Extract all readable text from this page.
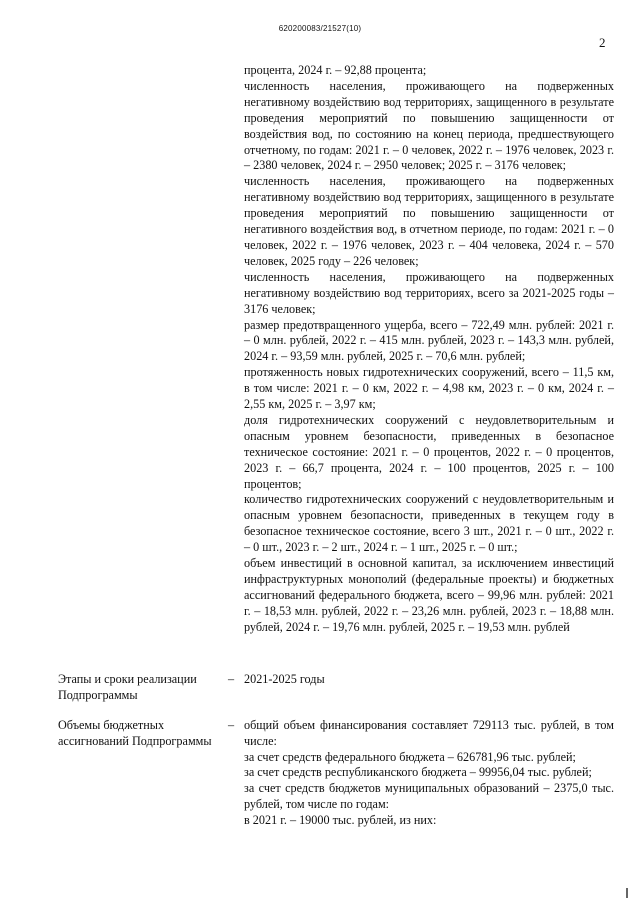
620200083/21527(10)
2

процента, 2024 г. – 92,88 процента;

численность населения, проживающего на подверженных негативному воздействию вод территориях, защищенного в результате проведения мероприятий по повышению защищенности от воздействия вод, по состоянию на конец периода, предшествующего отчетному, по годам: 2021 г. – 0 человек, 2022 г. – 1976 человек, 2023 г. – 2380 человек, 2024 г. – 2950 человек; 2025 г. – 3176 человек;

численность населения, проживающего на подверженных негативному воздействию вод территориях, защищенного в результате проведения мероприятий по повышению защищенности от негативного воздействия вод, в отчетном периоде, по годам: 2021 г. – 0 человек, 2022 г. – 1976 человек, 2023 г. – 404 человека, 2024 г. – 570 человек, 2025 году – 226 человек;

численность населения, проживающего на подверженных негативному воздействию вод территориях, всего за 2021-2025 годы – 3176 человек;

размер предотвращенного ущерба, всего – 722,49 млн. рублей: 2021 г. – 0 млн. рублей, 2022 г. – 415 млн. рублей, 2023 г. – 143,3 млн. рублей, 2024 г. – 93,59 млн. рублей, 2025 г. – 70,6 млн. рублей;

протяженность новых гидротехнических сооружений, всего – 11,5 км, в том числе: 2021 г. – 0 км, 2022 г. – 4,98 км, 2023 г. – 0 км, 2024 г. – 2,55 км, 2025 г. – 3,97 км;

доля гидротехнических сооружений с неудовлетворительным и опасным уровнем безопасности, приведенных в безопасное техническое состояние: 2021 г. – 0 процентов, 2022 г. – 0 процентов, 2023 г. – 66,7 процента, 2024 г. – 100 процентов, 2025 г. – 100 процентов;

количество гидротехнических сооружений с неудовлетворительным и опасным уровнем безопасности, приведенных в текущем году в безопасное техническое состояние, всего 3 шт., 2021 г. – 0 шт., 2022 г. – 0 шт., 2023 г. – 2 шт., 2024 г. – 1 шт., 2025 г. – 0 шт.;

объем инвестиций в основной капитал, за исключением инвестиций инфраструктурных монополий (федеральные проекты) и бюджетных ассигнований федерального бюджета, всего – 99,96 млн. рублей: 2021 г. – 18,53 млн. рублей, 2022 г. – 23,26 млн. рублей, 2023 г. – 18,88 млн. рублей, 2024 г. – 19,76 млн. рублей, 2025 г. – 19,53 млн. рублей

Этапы и сроки реализации Подпрограммы
– 2021-2025 годы
Объемы бюджетных ассигнований Подпрограммы
– общий объем финансирования составляет 729113 тыс. рублей, в том числе:

за счет средств федерального бюджета – 626781,96 тыс. рублей;

за счет средств республиканского бюджета – 99956,04 тыс. рублей;

за счет средств бюджетов муниципальных образований – 2375,0 тыс. рублей, том числе по годам:

в 2021 г. – 19000 тыс. рублей, из них:
